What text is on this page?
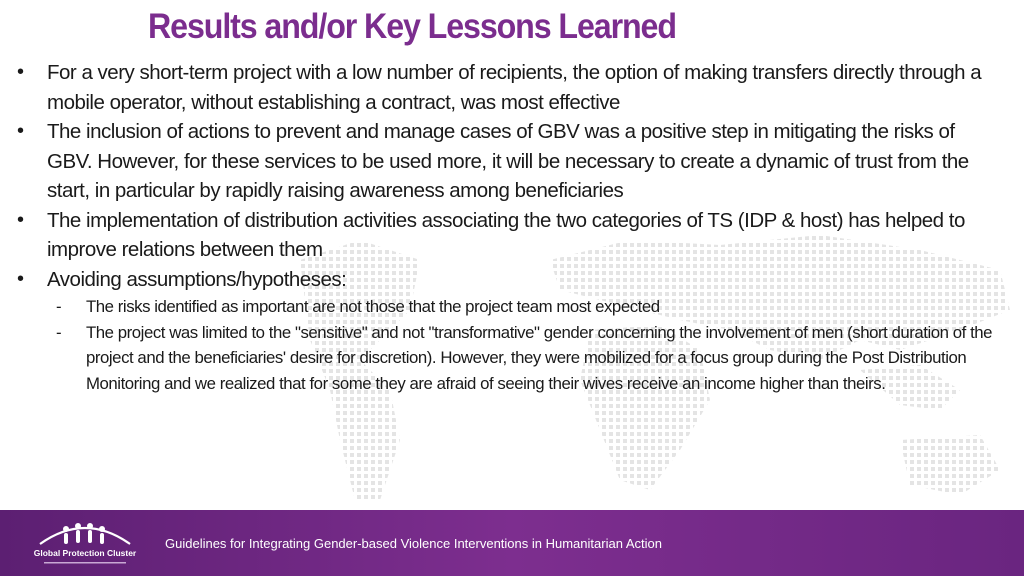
Results and/or Key Lessons Learned
• For a very short-term project with a low number of recipients, the option of making transfers directly through a mobile operator, without establishing a contract, was most effective
• The inclusion of actions to prevent and manage cases of GBV was a positive step in mitigating the risks of GBV. However, for these services to be used more, it will be necessary to create a dynamic of trust from the start, in particular by rapidly raising awareness among beneficiaries
• The implementation of distribution activities associating the two categories of TS (IDP & host) has helped to improve relations between them
• Avoiding assumptions/hypotheses:
- The risks identified as important are not those that the project team most expected
- The project was limited to the "sensitive" and not "transformative" gender concerning the involvement of men (short duration of the project and the beneficiaries' desire for discretion). However, they were mobilized for a focus group during the Post Distribution Monitoring and we realized that for some they are afraid of seeing their wives receive an income higher than theirs.
Global Protection Cluster
Guidelines for Integrating Gender-based Violence Interventions in Humanitarian Action
